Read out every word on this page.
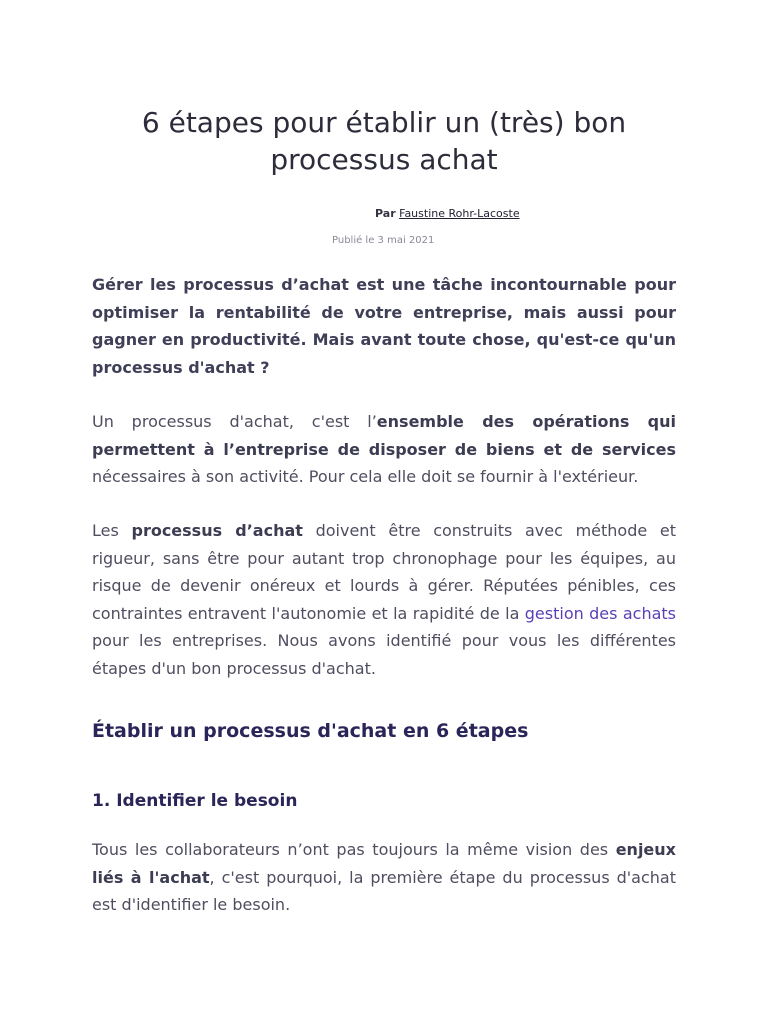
6 étapes pour établir un (très) bon
processus achat
Par Faustine Rohr-Lacoste
Publié le 3 mai 2021

Gérer les processus d’achat est une tâche incontournable pour optimiser la rentabilité de votre entreprise, mais aussi pour gagner en productivité. Mais avant toute chose, qu'est-ce qu'un processus d'achat ?

Un processus d'achat, c'est l’ensemble des opérations qui permettent à l’entreprise de disposer de biens et de services nécessaires à son activité. Pour cela elle doit se fournir à l'extérieur.

Les processus d’achat doivent être construits avec méthode et rigueur, sans être pour autant trop chronophage pour les équipes, au risque de devenir onéreux et lourds à gérer. Réputées pénibles, ces contraintes entravent l'autonomie et la rapidité de la gestion des achats pour les entreprises. Nous avons identifié pour vous les différentes étapes d'un bon processus d'achat.

Établir un processus d'achat en 6 étapes
1. Identifier le besoin

Tous les collaborateurs n’ont pas toujours la même vision des enjeux liés à l'achat, c'est pourquoi, la première étape du processus d'achat est d'identifier le besoin.
